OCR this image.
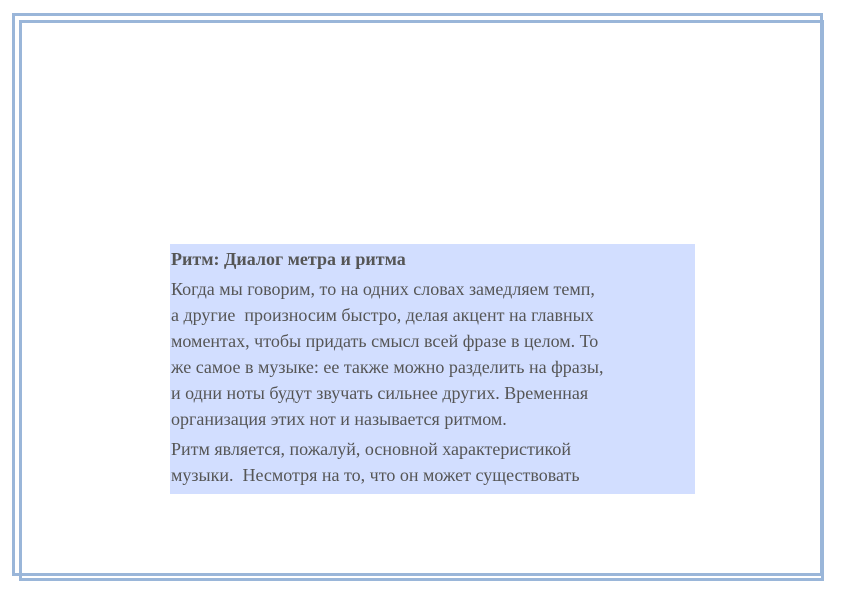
Ритм: Диалог метра и ритма
Когда мы говорим, то на одних словах замедляем темп,
а другие  произносим быстро, делая акцент на главных
моментах, чтобы придать смысл всей фразе в целом. То
же самое в музыке: ее также можно разделить на фразы,
и одни ноты будут звучать сильнее других. Временная
организация этих нот и называется ритмом.
Ритм является, пожалуй, основной характеристикой
музыки.  Несмотря на то, что он может существовать
